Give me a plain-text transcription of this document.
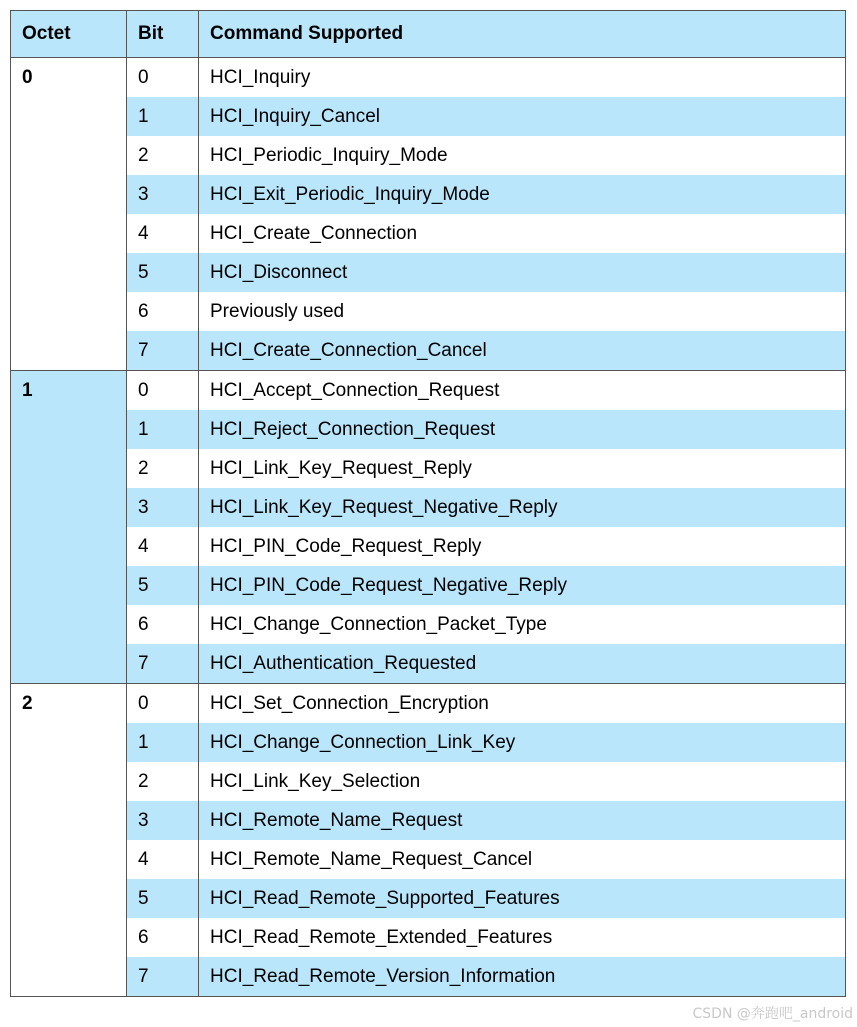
Octet	Bit	Command Supported
0	0	HCI_Inquiry
	1	HCI_Inquiry_Cancel
	2	HCI_Periodic_Inquiry_Mode
	3	HCI_Exit_Periodic_Inquiry_Mode
	4	HCI_Create_Connection
	5	HCI_Disconnect
	6	Previously used
	7	HCI_Create_Connection_Cancel
1	0	HCI_Accept_Connection_Request
	1	HCI_Reject_Connection_Request
	2	HCI_Link_Key_Request_Reply
	3	HCI_Link_Key_Request_Negative_Reply
	4	HCI_PIN_Code_Request_Reply
	5	HCI_PIN_Code_Request_Negative_Reply
	6	HCI_Change_Connection_Packet_Type
	7	HCI_Authentication_Requested
2	0	HCI_Set_Connection_Encryption
	1	HCI_Change_Connection_Link_Key
	2	HCI_Link_Key_Selection
	3	HCI_Remote_Name_Request
	4	HCI_Remote_Name_Request_Cancel
	5	HCI_Read_Remote_Supported_Features
	6	HCI_Read_Remote_Extended_Features
	7	HCI_Read_Remote_Version_Information
CSDN @奔跑吧_android
